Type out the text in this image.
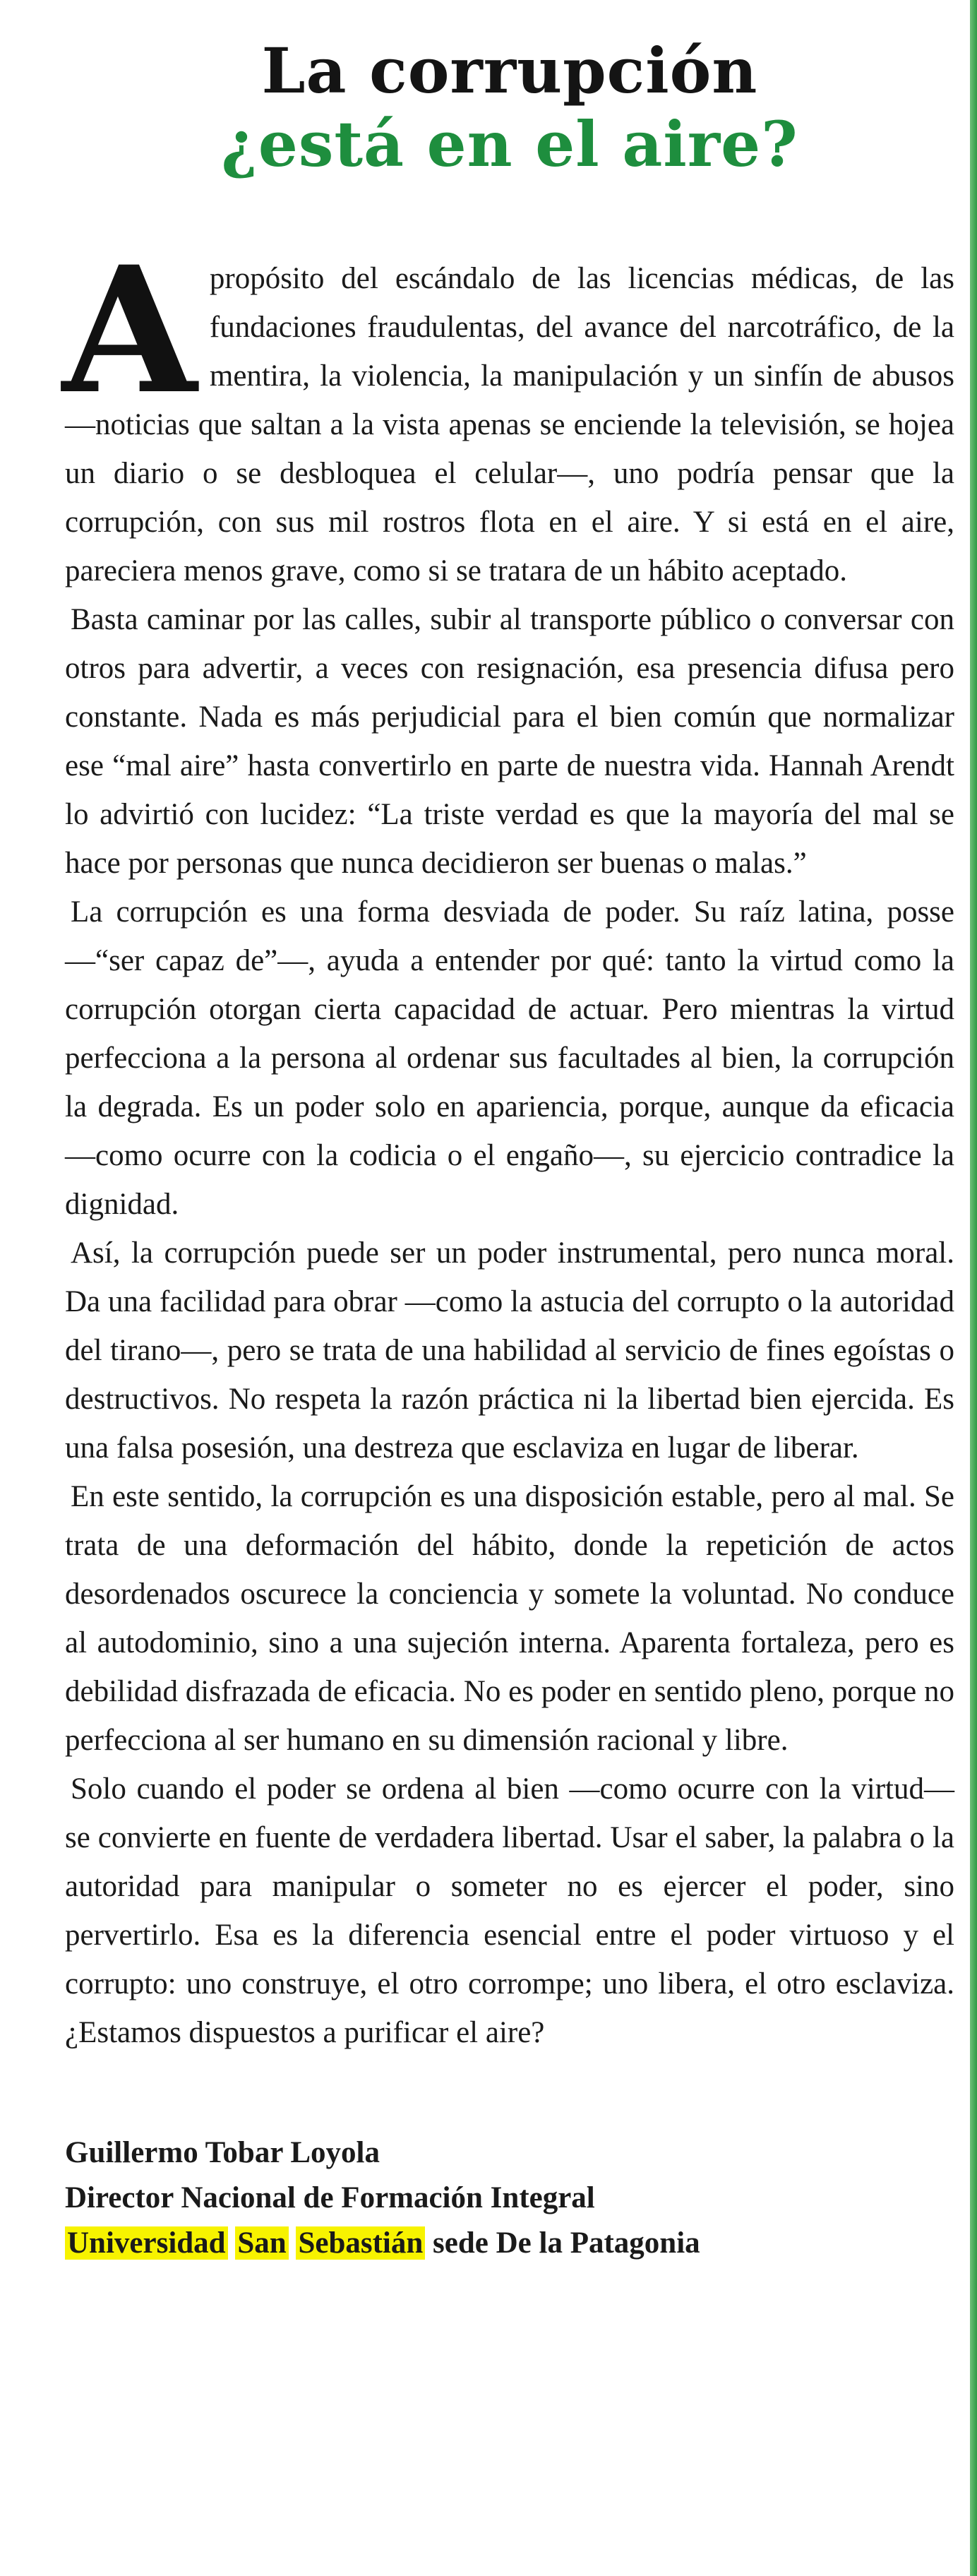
La corrupción
¿está en el aire?

Apropósito del escándalo de las licencias médicas, de las fundaciones fraudulentas, del avance del narcotráfico, de la mentira, la violencia, la manipulación y un sinfín de abusos —noticias que saltan a la vista apenas se enciende la televisión, se hojea un diario o se desbloquea el celular—, uno podría pensar que la corrupción, con sus mil rostros flota en el aire. Y si está en el aire, pareciera menos grave, como si se tratara de un hábito aceptado.

Basta caminar por las calles, subir al transporte público o conversar con otros para advertir, a veces con resignación, esa presencia difusa pero constante. Nada es más perjudicial para el bien común que normalizar ese “mal aire” hasta convertirlo en parte de nuestra vida. Hannah Arendt lo advirtió con lucidez: “La triste verdad es que la mayoría del mal se hace por personas que nunca decidieron ser buenas o malas.”

La corrupción es una forma desviada de poder. Su raíz latina, posse —“ser capaz de”—, ayuda a entender por qué: tanto la virtud como la corrupción otorgan cierta capacidad de actuar. Pero mientras la virtud perfecciona a la persona al ordenar sus facultades al bien, la corrupción la degrada. Es un poder solo en apariencia, porque, aunque da eficacia —como ocurre con la codicia o el engaño—, su ejercicio contradice la dignidad.

Así, la corrupción puede ser un poder instrumental, pero nunca moral. Da una facilidad para obrar —como la astucia del corrupto o la autoridad del tirano—, pero se trata de una habilidad al servicio de fines egoístas o destructivos. No respeta la razón práctica ni la libertad bien ejercida. Es una falsa posesión, una destreza que esclaviza en lugar de liberar.

En este sentido, la corrupción es una disposición estable, pero al mal. Se trata de una deformación del hábito, donde la repetición de actos desordenados oscurece la conciencia y somete la voluntad. No conduce al autodominio, sino a una sujeción interna. Aparenta fortaleza, pero es debilidad disfrazada de eficacia. No es poder en sentido pleno, porque no perfecciona al ser humano en su dimensión racional y libre.

Solo cuando el poder se ordena al bien —como ocurre con la virtud— se convierte en fuente de verdadera libertad. Usar el saber, la palabra o la autoridad para manipular o someter no es ejercer el poder, sino pervertirlo. Esa es la diferencia esencial entre el poder virtuoso y el corrupto: uno construye, el otro corrompe; uno libera, el otro esclaviza. ¿Estamos dispuestos a purificar el aire?

Guillermo Tobar Loyola
Director Nacional de Formación Integral
Universidad San Sebastián sede De la Patagonia
